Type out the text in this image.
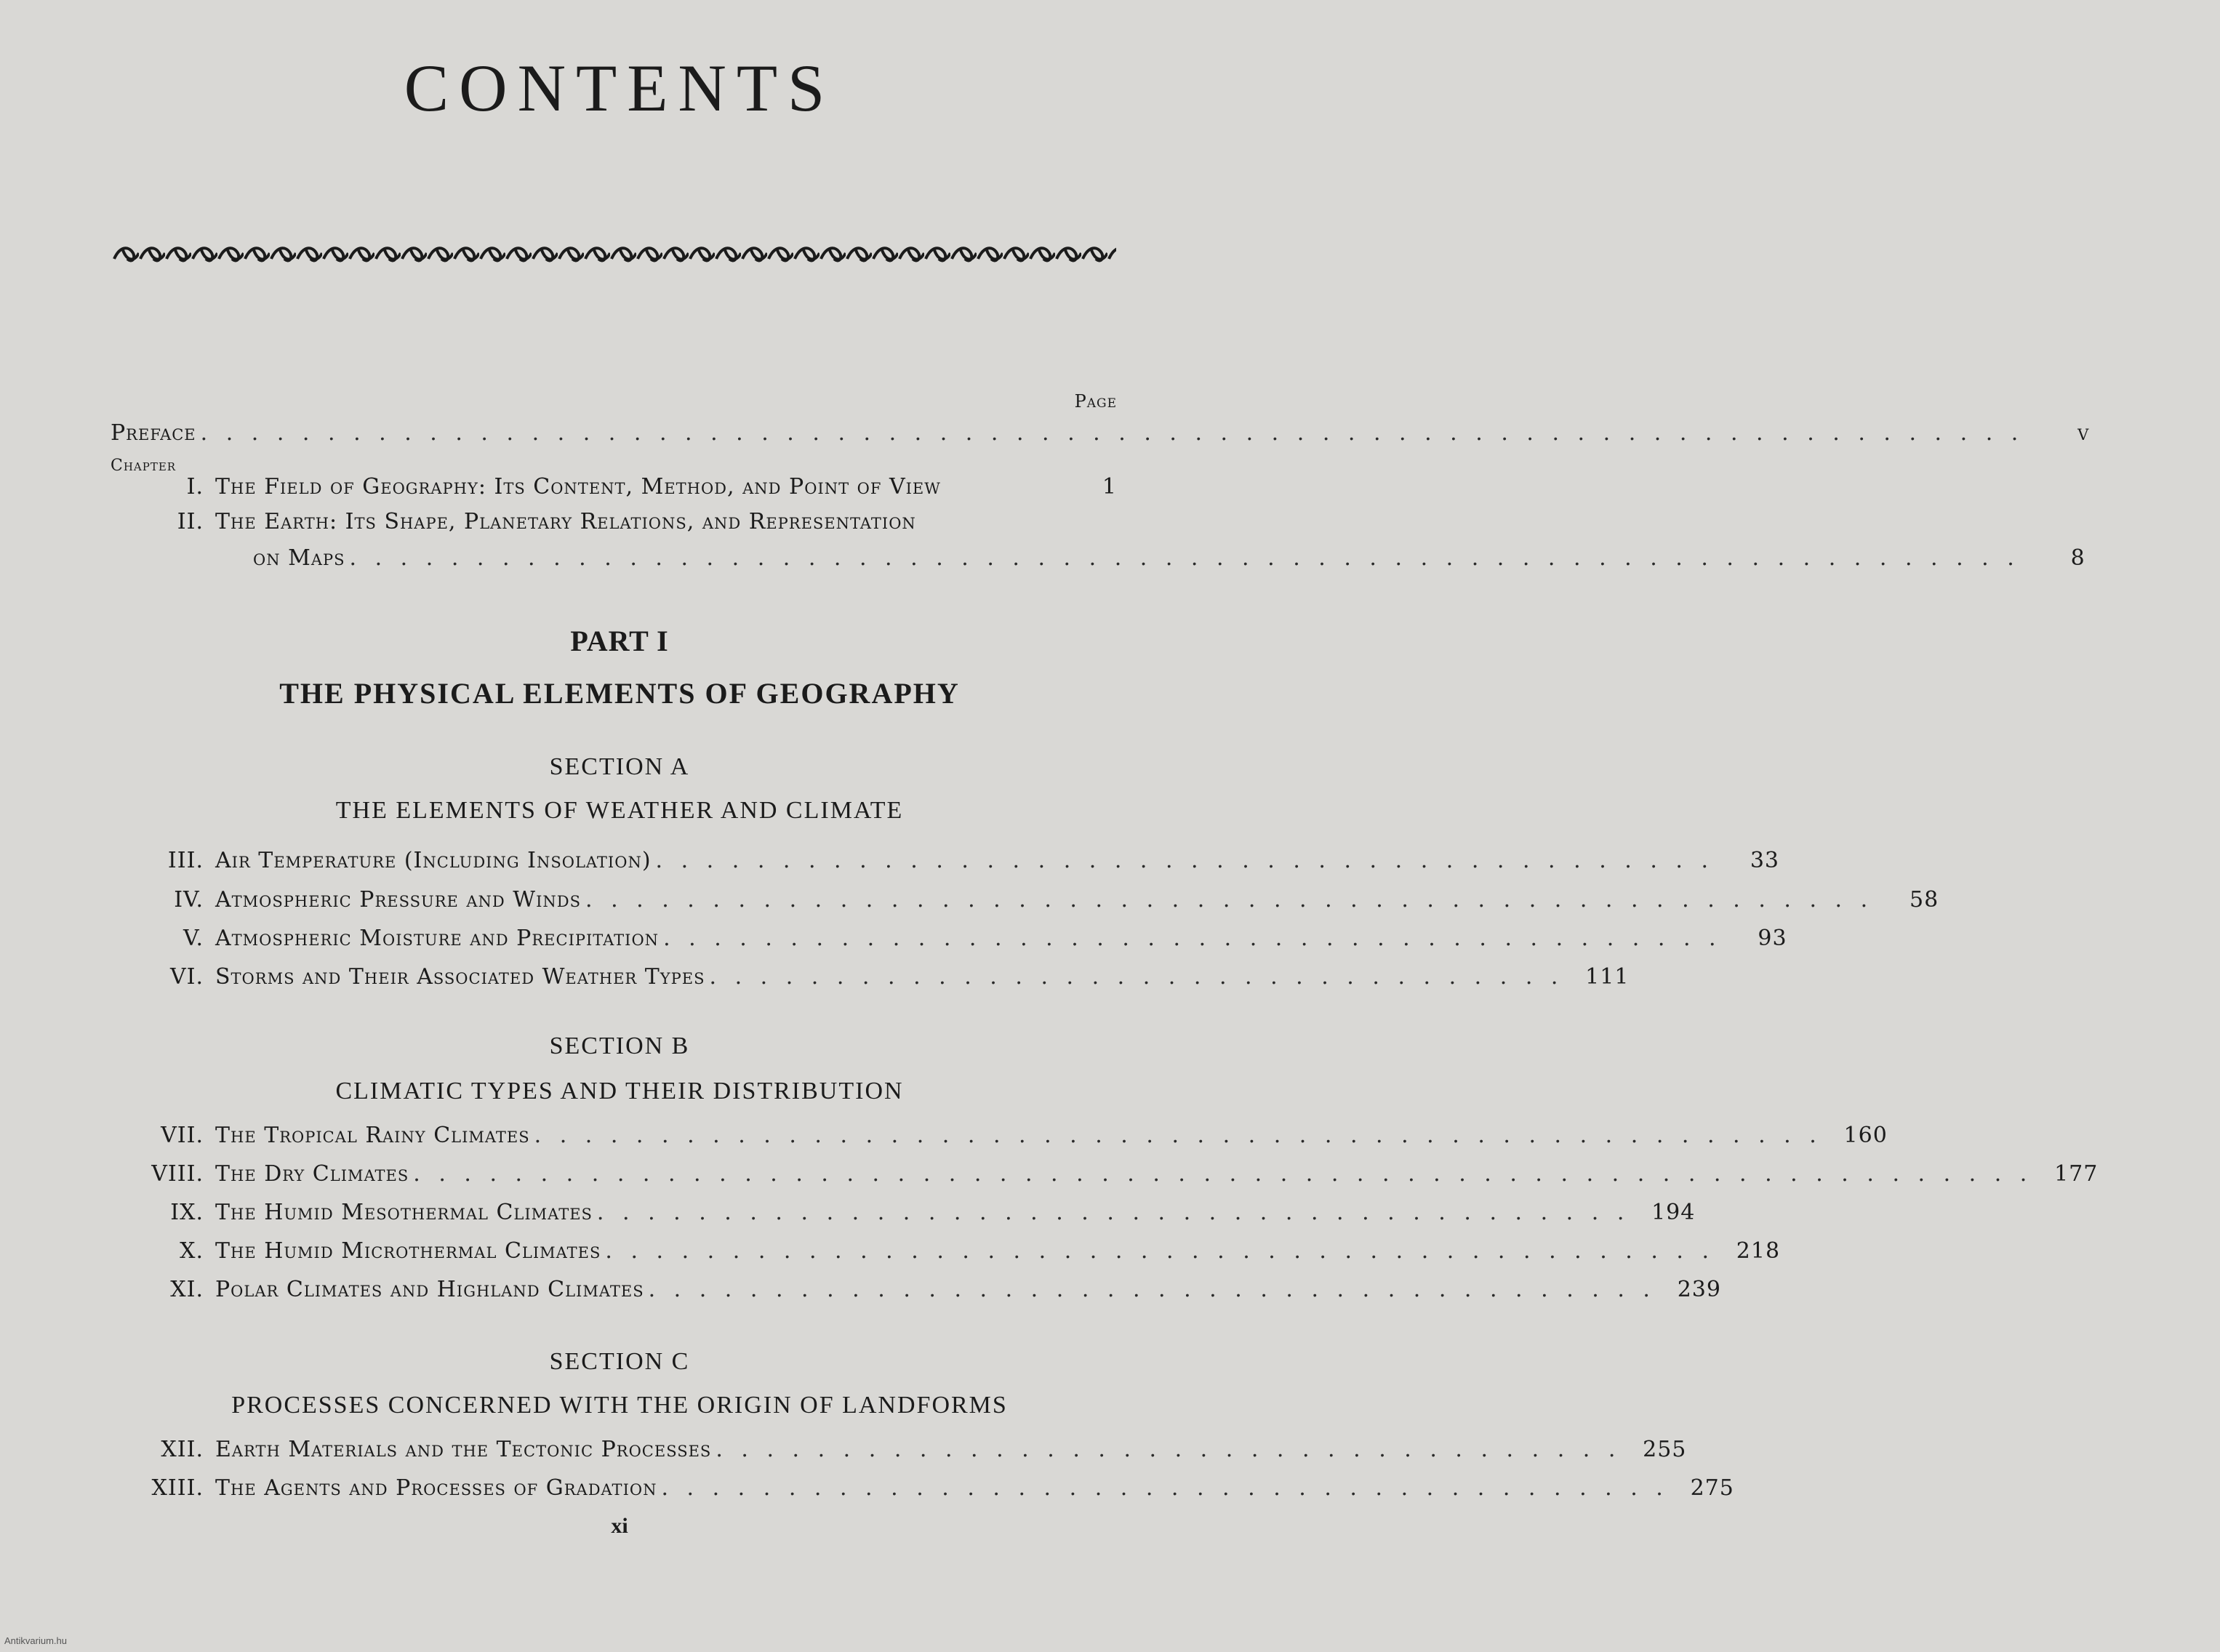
CONTENTS
Page
Preface . . . . . . . . . . . . . . . . . . . . . . . . . . . . . . . . . . . . . . . . . . . . . . . . . . . . . . . . . . . . . . . . . . . . . . . .	v
Chapter
I. The Field of Geography: Its Content, Method, and Point of View	1
II. The Earth: Its Shape, Planetary Relations, and Representation
on Maps . . . . . . . . . . . . . . . . . . . . . . . . . . . . . . . . . . . . . . . . . . . . . . . . . . . . . . . . . . . . . . . . . .	8
PART I
THE PHYSICAL ELEMENTS OF GEOGRAPHY
SECTION A
THE ELEMENTS OF WEATHER AND CLIMATE
III. Air Temperature (Including Insolation) . . . . . . . . . . . . . . . . . . . . . . . . . . . . . . . . . . . . . . . . . .	33
IV. Atmospheric Pressure and Winds . . . . . . . . . . . . . . . . . . . . . . . . . . . . . . . . . . . . . . . . . . . . . . . . . . .	58
V. Atmospheric Moisture and Precipitation . . . . . . . . . . . . . . . . . . . . . . . . . . . . . . . . . . . . . . . . . .	93
VI. Storms and Their Associated Weather Types . . . . . . . . . . . . . . . . . . . . . . . . . . . . . . . . . . 111
SECTION B
CLIMATIC TYPES AND THEIR DISTRIBUTION
VII. The Tropical Rainy Climates . . . . . . . . . . . . . . . . . . . . . . . . . . . . . . . . . . . . . . . . . . . . . . . . . . . 160
VIII. The Dry Climates . . . . . . . . . . . . . . . . . . . . . . . . . . . . . . . . . . . . . . . . . . . . . . . . . . . . . . . . . . . . . . . . 177
IX. The Humid Mesothermal Climates . . . . . . . . . . . . . . . . . . . . . . . . . . . . . . . . . . . . . . . . . 194
X. The Humid Microthermal Climates . . . . . . . . . . . . . . . . . . . . . . . . . . . . . . . . . . . . . . . . . . . . 218
XI. Polar Climates and Highland Climates . . . . . . . . . . . . . . . . . . . . . . . . . . . . . . . . . . . . . . . . 239
SECTION C
PROCESSES CONCERNED WITH THE ORIGIN OF LANDFORMS
XII. Earth Materials and the Tectonic Processes . . . . . . . . . . . . . . . . . . . . . . . . . . . . . . . . . . . . 255
XIII. The Agents and Processes of Gradation . . . . . . . . . . . . . . . . . . . . . . . . . . . . . . . . . . . . . . . . 275
xi
Antikvarium.hu
